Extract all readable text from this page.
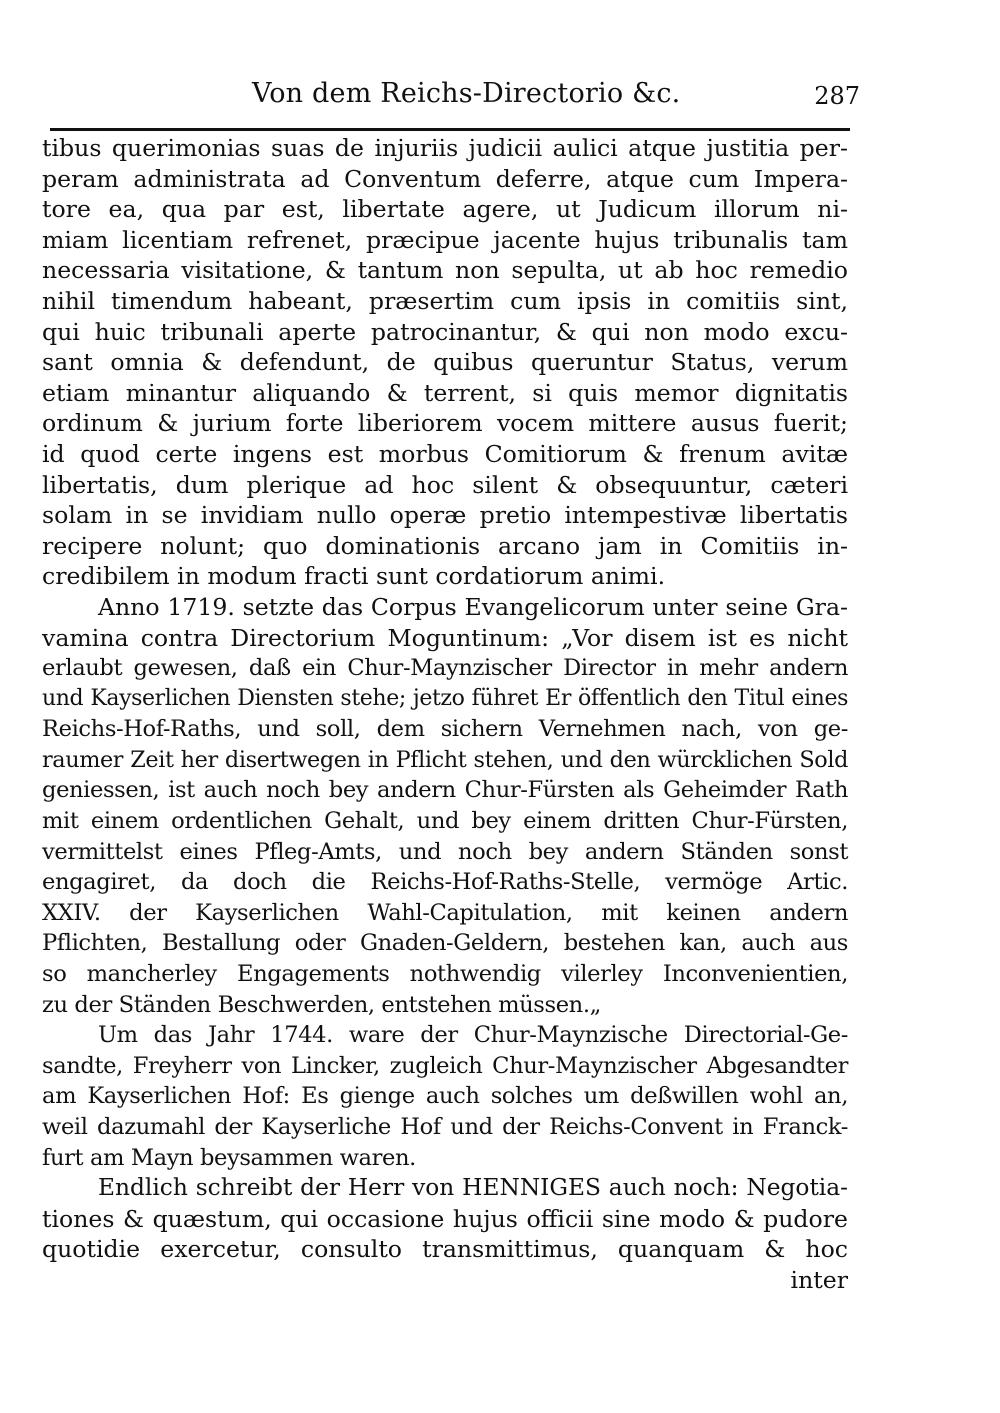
Von dem Reichs-Directorio &c.	287
tibus querimonias suas de injuriis judicii aulici atque justitia per-
peram administrata ad Conventum deferre, atque cum Impera-
tore ea, qua par est, libertate agere, ut Judicum illorum ni-
miam licentiam refrenet, præcipue jacente hujus tribunalis tam
necessaria visitatione, & tantum non sepulta, ut ab hoc remedio
nihil timendum habeant, præsertim cum ipsis in comitiis sint,
qui huic tribunali aperte patrocinantur, & qui non modo excu-
sant omnia & defendunt, de quibus queruntur Status, verum
etiam minantur aliquando & terrent, si quis memor dignitatis
ordinum & jurium forte liberiorem vocem mittere ausus fuerit;
id quod certe ingens est morbus Comitiorum & frenum avitæ
libertatis, dum plerique ad hoc silent & obsequuntur, cæteri
solam in se invidiam nullo operæ pretio intempestivæ libertatis
recipere nolunt; quo dominationis arcano jam in Comitiis in-
credibilem in modum fracti sunt cordatiorum animi.
Anno 1719. setzte das Corpus Evangelicorum unter seine Gra-
vamina contra Directorium Moguntinum: „Vor disem ist es nicht
erlaubt gewesen, daß ein Chur-Maynzischer Director in mehr andern
und Kayserlichen Diensten stehe; jetzo führet Er öffentlich den Titul eines
Reichs-Hof-Raths, und soll, dem sichern Vernehmen nach, von ge-
raumer Zeit her disertwegen in Pflicht stehen, und den würcklichen Sold
geniessen, ist auch noch bey andern Chur-Fürsten als Geheimder Rath
mit einem ordentlichen Gehalt, und bey einem dritten Chur-Fürsten,
vermittelst eines Pfleg-Amts, und noch bey andern Ständen sonst
engagiret, da doch die Reichs-Hof-Raths-Stelle, vermöge Artic.
XXIV. der Kayserlichen Wahl-Capitulation, mit keinen andern
Pflichten, Bestallung oder Gnaden-Geldern, bestehen kan, auch aus
so mancherley Engagements nothwendig vilerley Inconvenientien,
zu der Ständen Beschwerden, entstehen müssen.„
Um das Jahr 1744. ware der Chur-Maynzische Directorial-Ge-
sandte, Freyherr von Lincker, zugleich Chur-Maynzischer Abgesandter
am Kayserlichen Hof: Es gienge auch solches um deßwillen wohl an,
weil dazumahl der Kayserliche Hof und der Reichs-Convent in Franck-
furt am Mayn beysammen waren.
Endlich schreibt der Herr von HENNIGES auch noch: Negotia-
tiones & quæstum, qui occasione hujus officii sine modo & pudore
quotidie exercetur, consulto transmittimus, quanquam & hoc
inter
